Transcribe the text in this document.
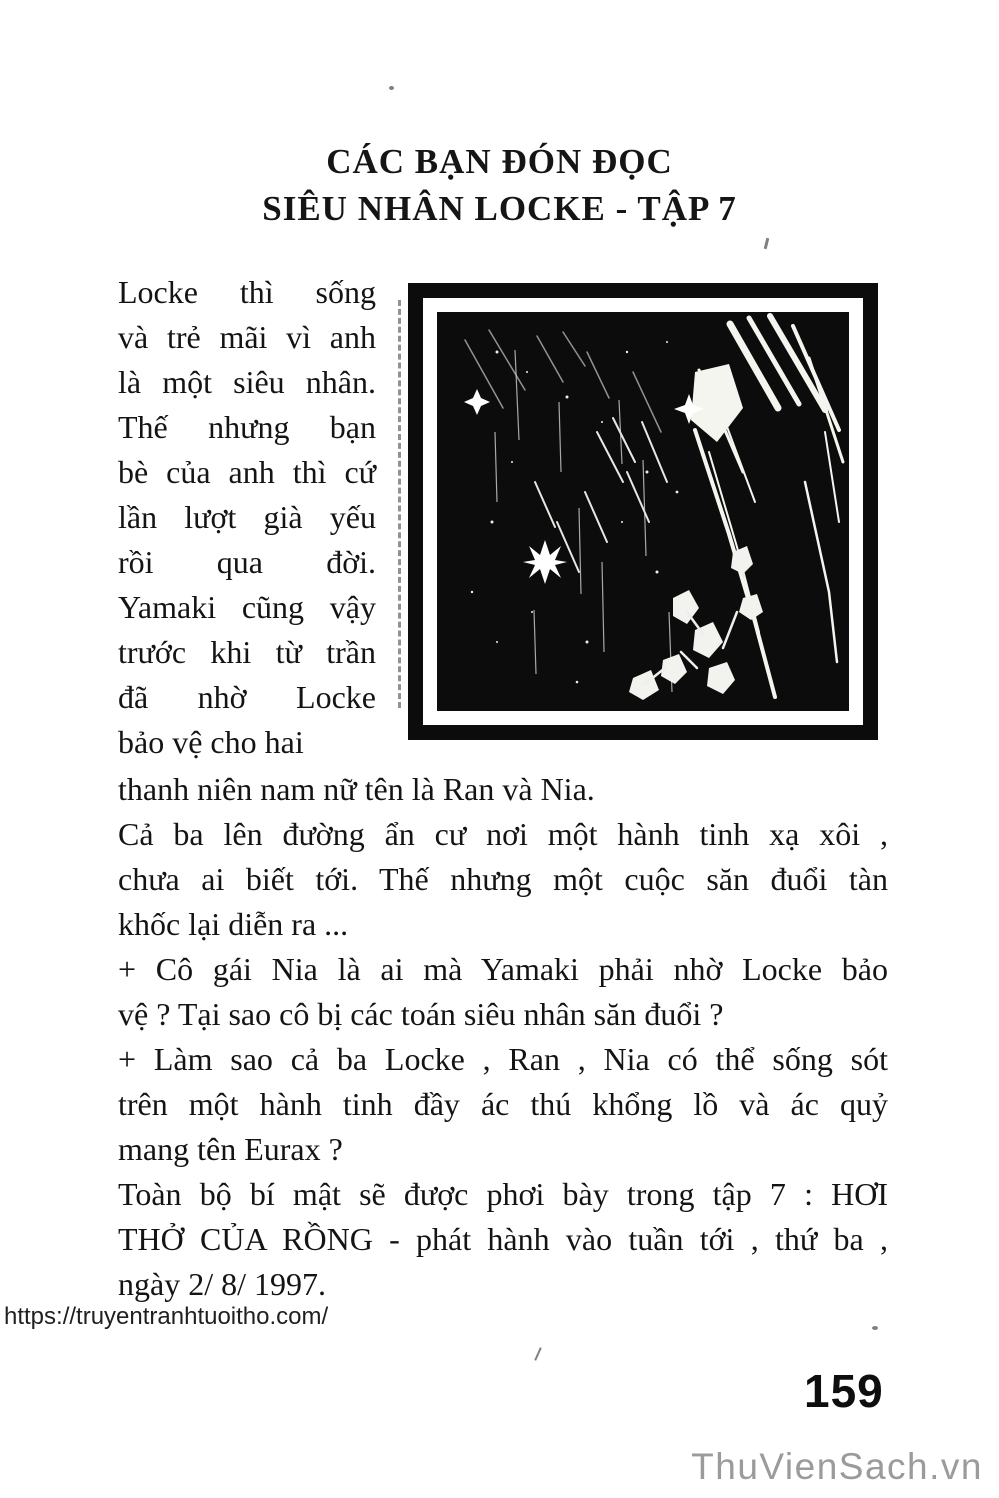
CÁC BẠN ĐÓN ĐỌC
SIÊU NHÂN LOCKE - TẬP 7
Locke thì sống
và trẻ mãi vì anh
là một siêu nhân.
Thế nhưng bạn
bè của anh thì cứ
lần lượt già yếu
rồi qua đời.
Yamaki cũng vậy
trước khi từ trần
đã nhờ Locke
bảo vệ cho hai
thanh niên nam nữ tên là Ran và Nia.
Cả ba lên đường ẩn cư nơi một hành tinh xạ xôi ,
chưa ai biết tới. Thế nhưng một cuộc săn đuổi tàn
khốc lại diễn ra ...
+ Cô gái Nia là ai mà Yamaki phải nhờ Locke bảo
vệ ? Tại sao cô bị các toán siêu nhân săn đuổi ?
+ Làm sao cả ba Locke , Ran , Nia có thể sống sót
trên một hành tinh đầy ác thú khổng lồ và ác quỷ
mang tên Eurax ?
Toàn bộ bí mật sẽ được phơi bày trong tập 7 : HƠI
THỞ CỦA RỒNG - phát hành vào tuần tới , thứ ba ,
ngày 2/ 8/ 1997.
https://truyentranhtuoitho.com/
159
ThuVienSach.vn
